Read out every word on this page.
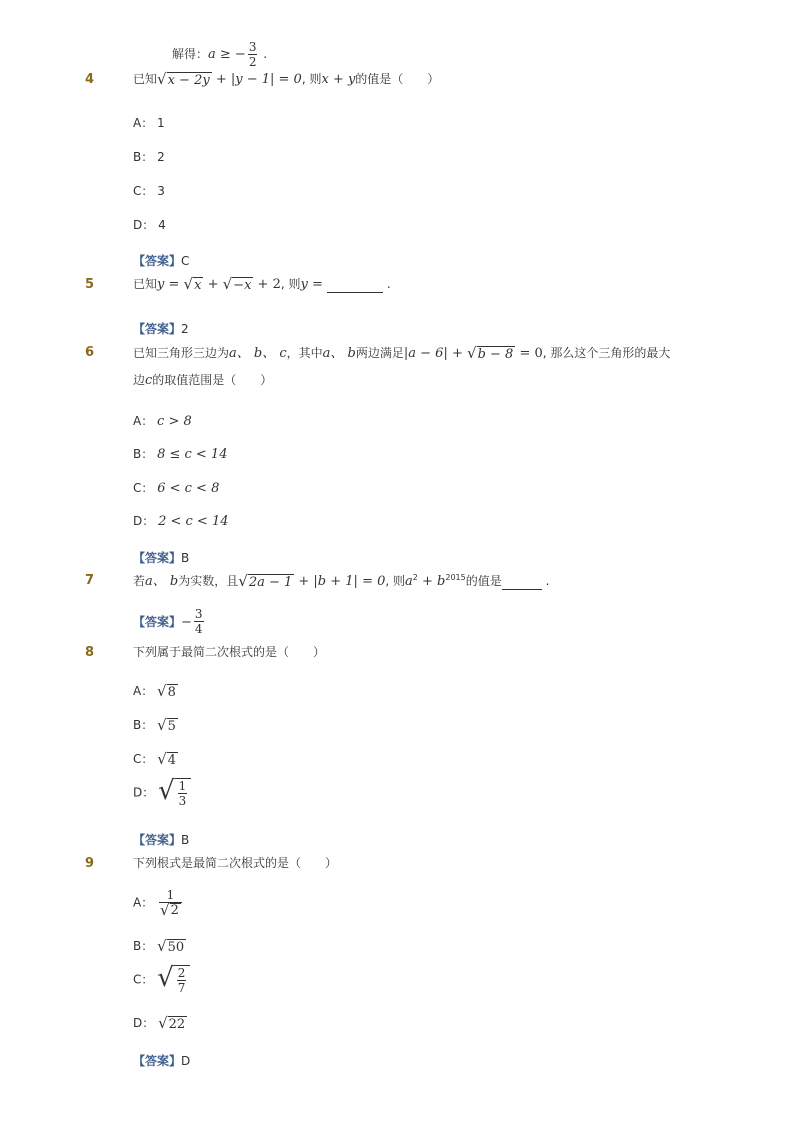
解得：a ≥ − $\frac{3}{2}$ .
4	已知 √ x − 2y + |y − 1| = 0, 则x + y的值是（　　）
A： 1
B： 2
C： 3
D： 4
【答案】C
5	已知y = √ x + √ −x + 2, 则y =	.
【答案】2
6	已知三角形三边为a、 b、 c，其中a、 b两边满足|a − 6| + √ b − 8 = 0, 那么这个三角形的最大
边c的取值范围是（　　）
A： c > 8
B： 8 ≤ c < 14
C： 6 < c < 8
D： 2 < c < 14
【答案】B
7	若a、 b为实数，且 √ 2a − 1 + |b + 1| = 0, 则$a^2 + b^{2015}$的值是	.
【答案】− $\frac{3}{4}$
8	下列属于最简二次根式的是（　　）
A： √ 8
B： √ 5
C： √ 4
D： √ $\frac{1}{3}$
【答案】B
9	下列根式是最简二次根式的是（　　）
A： $\frac{1}{√ 2}$
B： √ 50
C： √ $\frac{2}{7}$
D： √ 22
【答案】D
